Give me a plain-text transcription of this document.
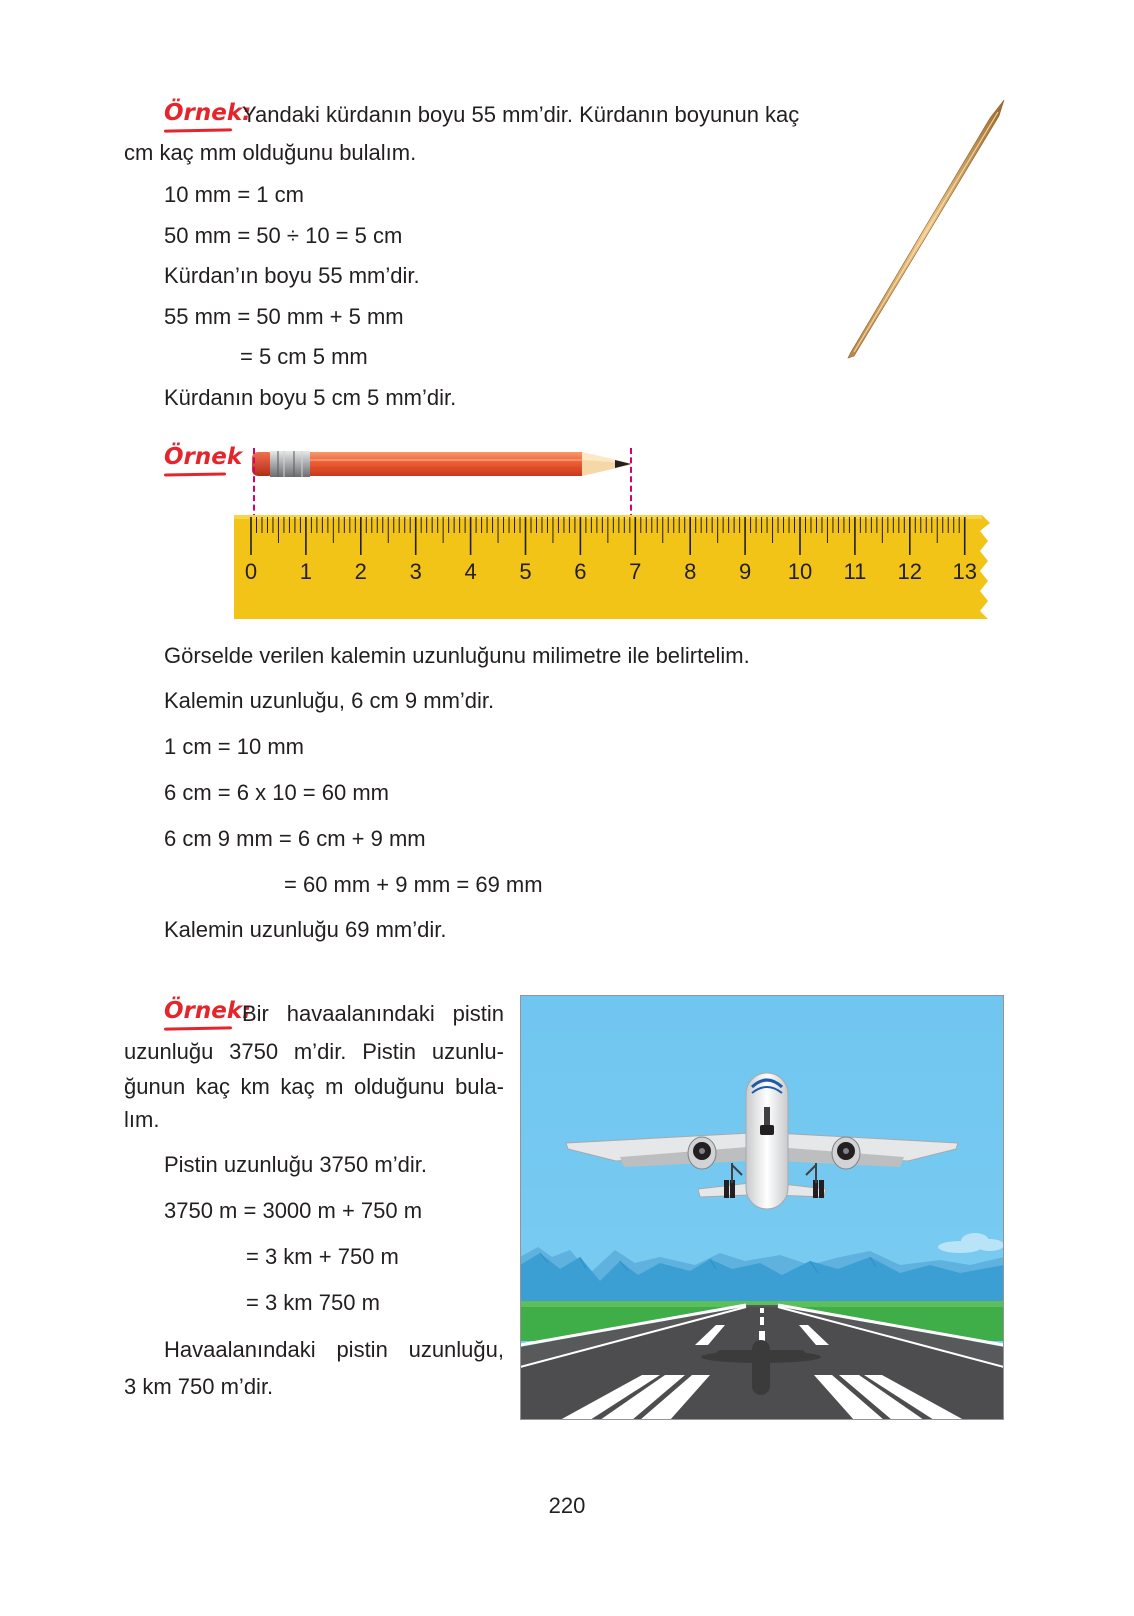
Örnek:
Yandaki kürdanın boyu 55 mm’dir. Kürdanın boyunun kaç
cm kaç mm olduğunu bulalım.
10 mm = 1 cm
50 mm = 50 ÷ 10 = 5 cm
Kürdan’ın boyu 55 mm’dir.
55 mm = 50 mm + 5 mm
= 5 cm 5 mm
Kürdanın boyu 5 cm 5 mm’dir.
Örnek
0 1 2 3 4 5 6 7 8 9 10 11 12 13
Görselde verilen kalemin uzunluğunu milimetre ile belirtelim.
Kalemin uzunluğu, 6 cm 9 mm’dir.
1 cm = 10 mm
6 cm = 6 x 10 = 60 mm
6 cm 9 mm = 6 cm + 9 mm
= 60 mm + 9 mm = 69 mm
Kalemin uzunluğu 69 mm’dir.
Örnek:
Bir havaalanındaki pistin
uzunluğu 3750 m’dir. Pistin uzunlu-
ğunun kaç km kaç m olduğunu bula-
lım.
Pistin uzunluğu 3750 m’dir.
3750 m = 3000 m + 750 m
= 3 km + 750 m
= 3 km 750 m
Havaalanındaki pistin uzunluğu,
3 km 750 m’dir.
220
